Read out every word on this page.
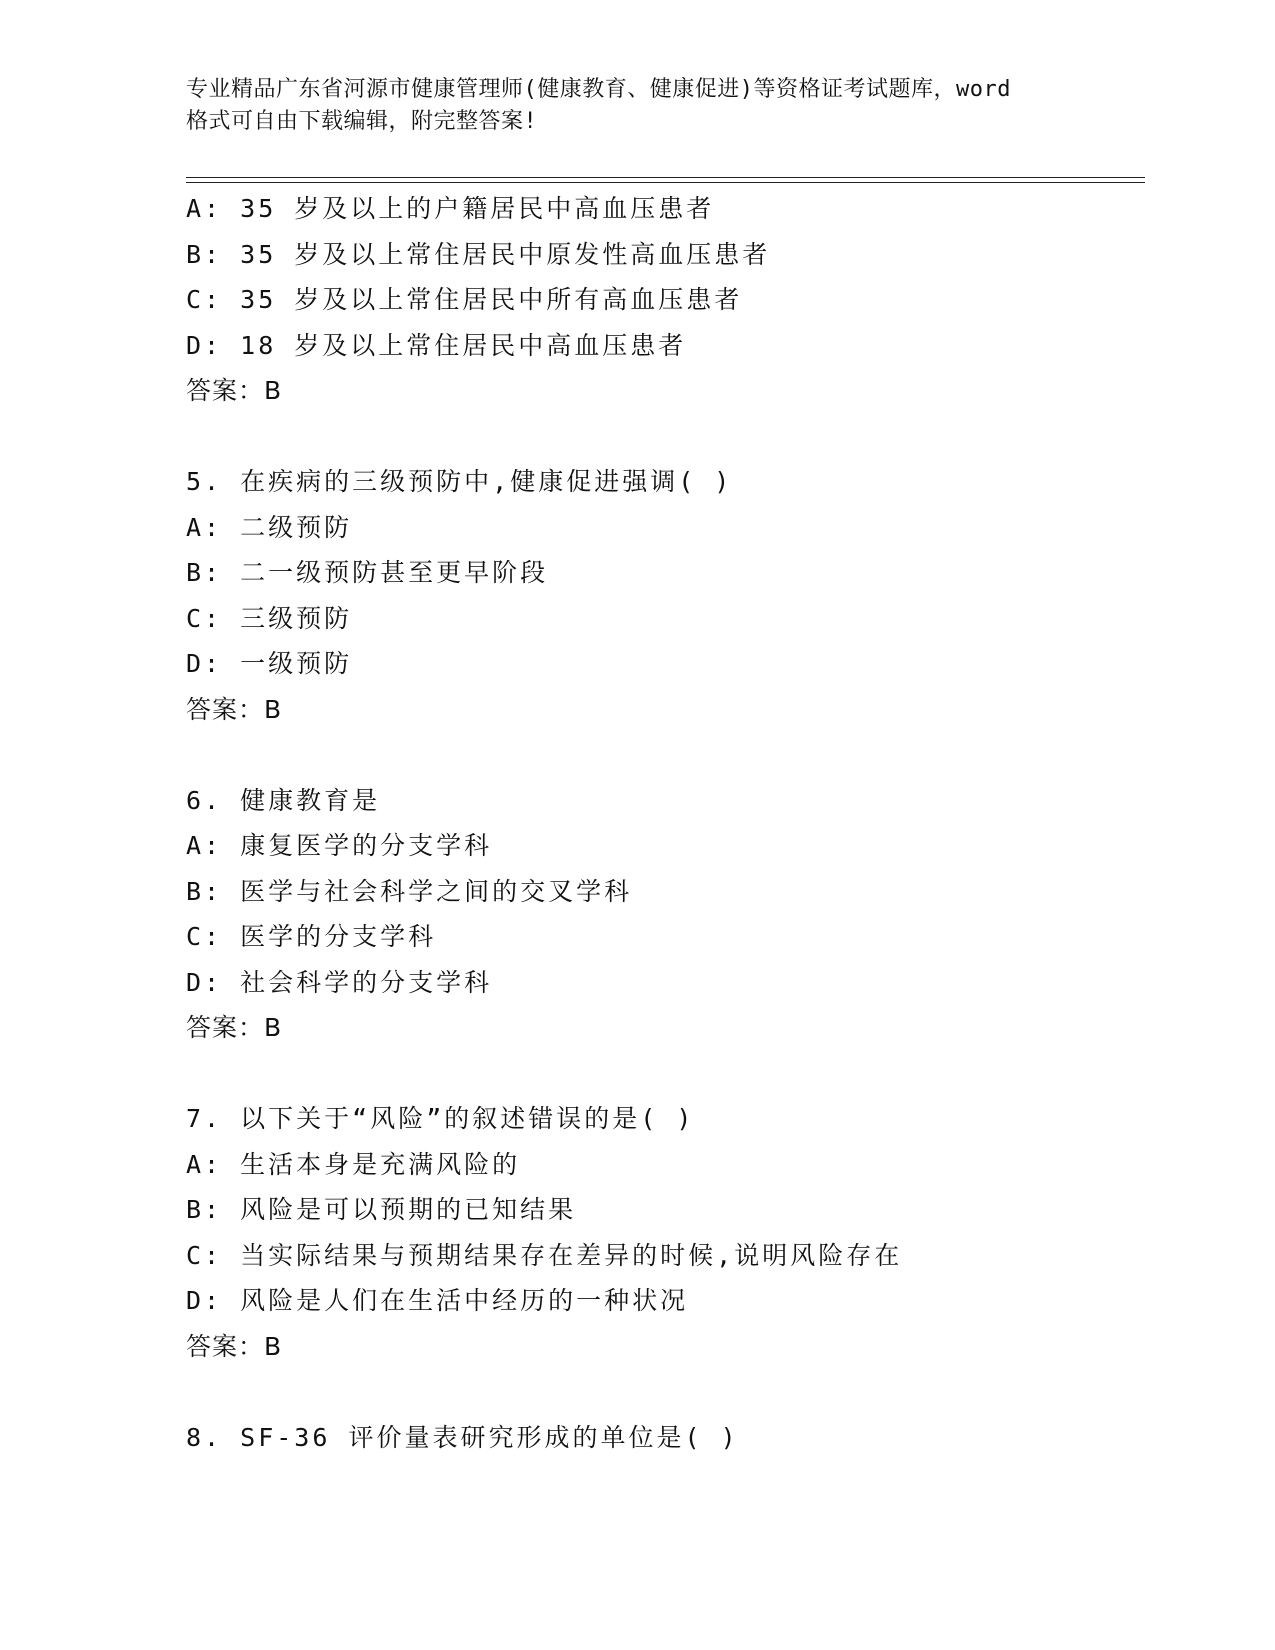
专业精品广东省河源市健康管理师(健康教育、健康促进)等资格证考试题库，word
格式可自由下载编辑，附完整答案!
A: 35 岁及以上的户籍居民中高血压患者
B: 35 岁及以上常住居民中原发性高血压患者
C: 35 岁及以上常住居民中所有高血压患者
D: 18 岁及以上常住居民中高血压患者
答案：B
5. 在疾病的三级预防中,健康促进强调( )
A: 二级预防
B: 二一级预防甚至更早阶段
C: 三级预防
D: 一级预防
答案：B
6. 健康教育是
A: 康复医学的分支学科
B: 医学与社会科学之间的交叉学科
C: 医学的分支学科
D: 社会科学的分支学科
答案：B
7. 以下关于“风险”的叙述错误的是( )
A: 生活本身是充满风险的
B: 风险是可以预期的已知结果
C: 当实际结果与预期结果存在差异的时候,说明风险存在
D: 风险是人们在生活中经历的一种状况
答案：B
8. SF-36 评价量表研究形成的单位是( )
